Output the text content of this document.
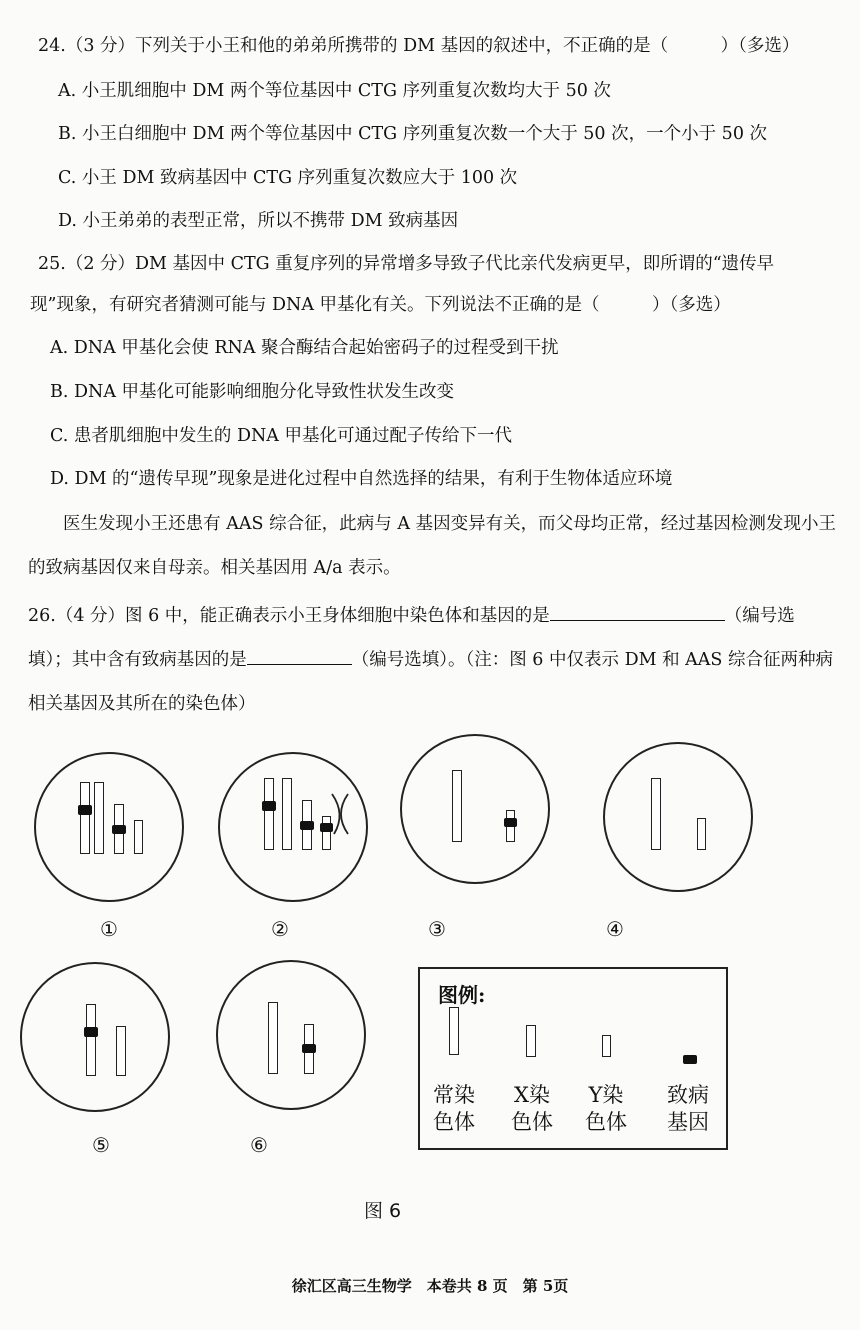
24.（3 分）下列关于小王和他的弟弟所携带的 DM 基因的叙述中，不正确的是（　　　）（多选）
A. 小王肌细胞中 DM 两个等位基因中 CTG 序列重复次数均大于 50 次
B. 小王白细胞中 DM 两个等位基因中 CTG 序列重复次数一个大于 50 次，一个小于 50 次
C. 小王 DM 致病基因中 CTG 序列重复次数应大于 100 次
D. 小王弟弟的表型正常，所以不携带 DM 致病基因
25.（2 分）DM 基因中 CTG 重复序列的异常增多导致子代比亲代发病更早，即所谓的“遗传早
现”现象，有研究者猜测可能与 DNA 甲基化有关。下列说法不正确的是（　　　）（多选）
A. DNA 甲基化会使 RNA 聚合酶结合起始密码子的过程受到干扰
B. DNA 甲基化可能影响细胞分化导致性状发生改变
C. 患者肌细胞中发生的 DNA 甲基化可通过配子传给下一代
D. DM 的“遗传早现”现象是进化过程中自然选择的结果，有利于生物体适应环境
医生发现小王还患有 AAS 综合征，此病与 A 基因变异有关，而父母均正常，经过基因检测发现小王的致病基因仅来自母亲。相关基因用 A/a 表示。
26.（4 分）图 6 中，能正确表示小王身体细胞中染色体和基因的是	（编号选填）；其中含有致病基因的是	（编号选填）。（注：图 6 中仅表示 DM 和 AAS 综合征两种病相关基因及其所在的染色体）
①	②	③	④
⑤	⑥
图例:
常染
色体
X染
色体
Y染
色体
致病
基因
图 6
徐汇区高三生物学　本卷共 8 页　第 5页
